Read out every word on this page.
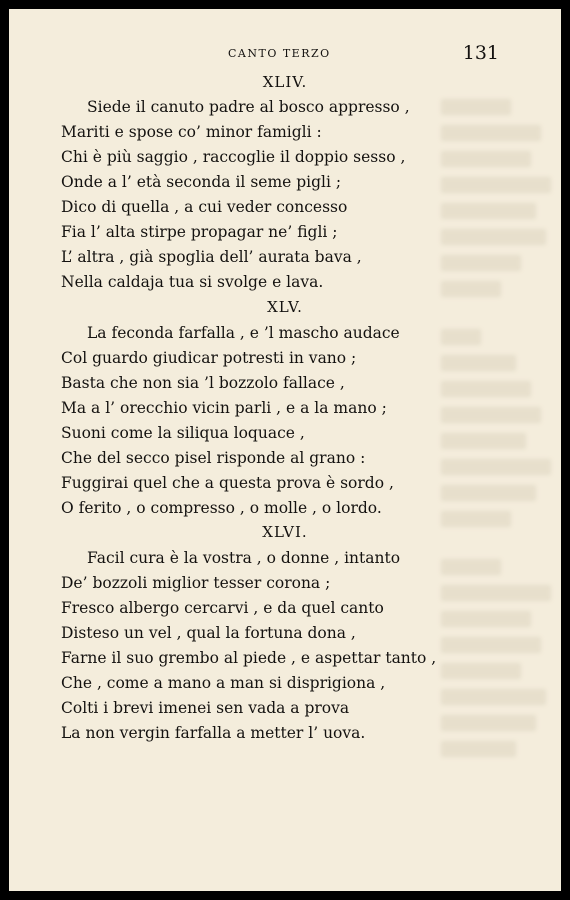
CANTO TERZO	131
XLIV.
Siede il canuto padre al bosco appresso ,
Mariti e spose co’ minor famigli :
Chi è più saggio , raccoglie il doppio sesso ,
Onde a l’ età seconda il seme pigli ;
Dico di quella , a cui veder concesso
Fia l’ alta stirpe propagar ne’ figli ;
L’ altra , già spoglia dell’ aurata bava ,
Nella caldaja tua si svolge e lava.
XLV.
La feconda farfalla , e ’l mascho audace
Col guardo giudicar potresti in vano ;
Basta che non sia ’l bozzolo fallace ,
Ma a l’ orecchio vicin parli , e a la mano ;
Suoni come la siliqua loquace ,
Che del secco pisel risponde al grano :
Fuggirai quel che a questa prova è sordo ,
O ferito , o compresso , o molle , o lordo.
XLVI.
Facil cura è la vostra , o donne , intanto
De’ bozzoli miglior tesser corona ;
Fresco albergo cercarvi , e da quel canto
Disteso un vel , qual la fortuna dona ,
Farne il suo grembo al piede , e aspettar tanto ,
Che , come a mano a man si disprigiona ,
Colti i brevi imenei sen vada a prova
La non vergin farfalla a metter l’ uova.
